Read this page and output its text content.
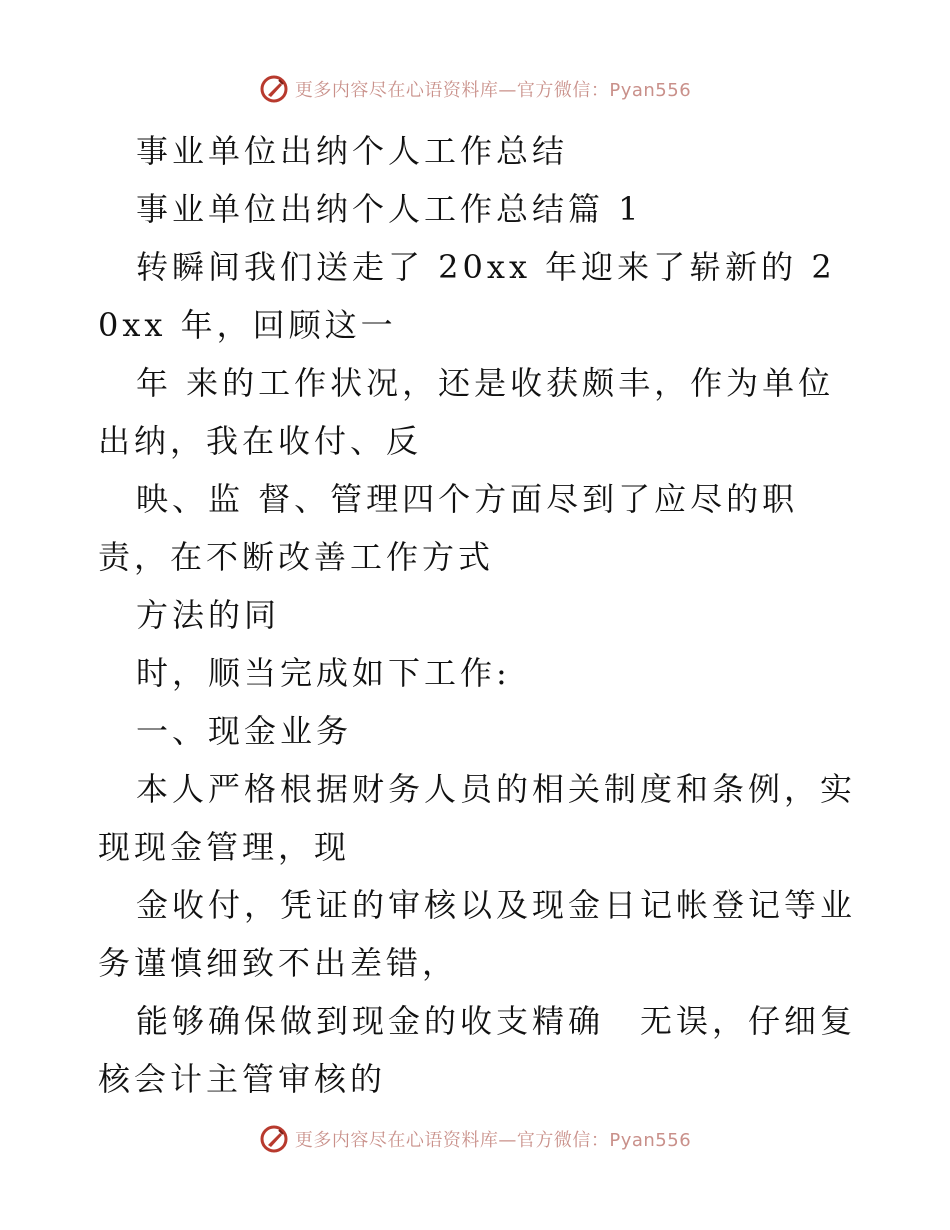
更多内容尽在心语资料库—官方微信：Pyan556

事业单位出纳个人工作总结

事业单位出纳个人工作总结篇 1

转瞬间我们送走了 20xx 年迎来了崭新的 20xx 年，回顾这一

年 来的工作状况，还是收获颇丰，作为单位出纳，我在收付、反

映、监 督、管理四个方面尽到了应尽的职责，在不断改善工作方式

方法的同

时，顺当完成如下工作:

一、现金业务

本人严格根据财务人员的相关制度和条例，实现现金管理，现

金收付，凭证的审核以及现金日记帐登记等业务谨慎细致不出差错，

能够确保做到现金的收支精确　无误，仔细复核会计主管审核的

更多内容尽在心语资料库—官方微信：Pyan556
